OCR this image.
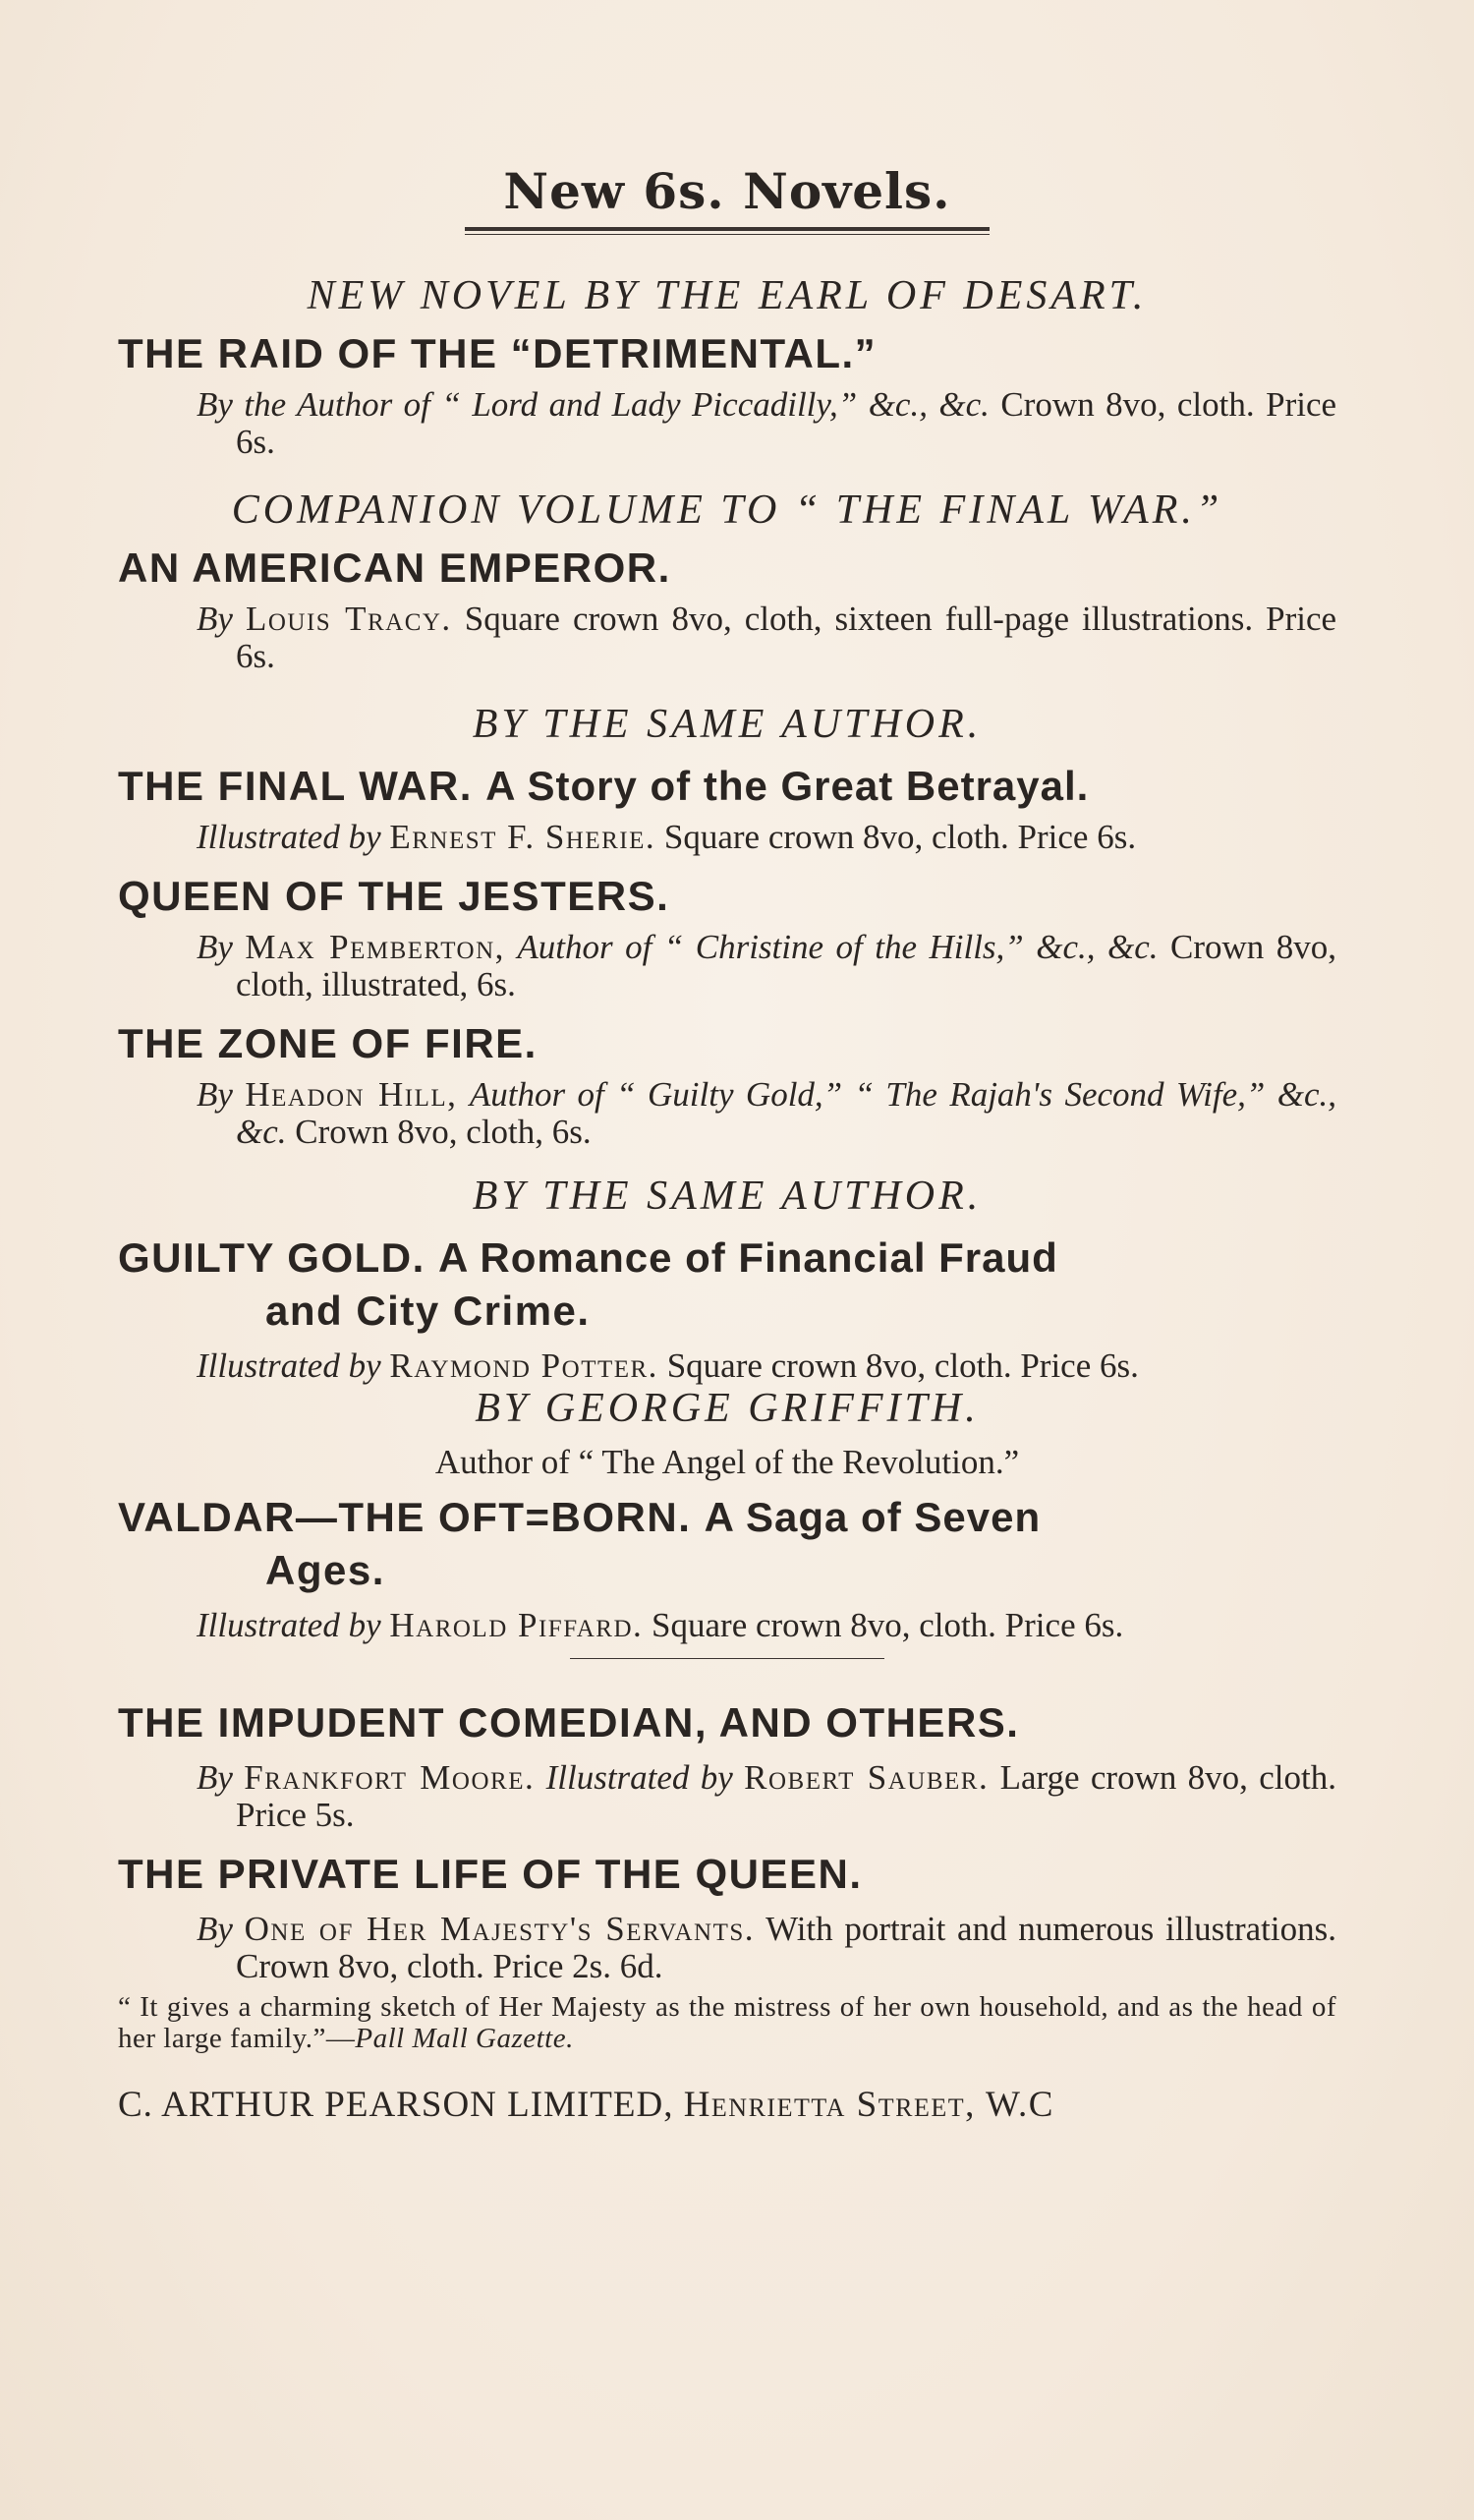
New 6s. Novels.

NEW NOVEL BY THE EARL OF DESART.

THE RAID OF THE “DETRIMENTAL.”

By the Author of “ Lord and Lady Piccadilly,” &c., &c. Crown 8vo, cloth. Price 6s.

COMPANION VOLUME TO “ THE FINAL WAR.”

AN AMERICAN EMPEROR.

By Louis Tracy. Square crown 8vo, cloth, sixteen full-page illustrations. Price 6s.

BY THE SAME AUTHOR.

THE FINAL WAR. A Story of the Great Betrayal.

Illustrated by Ernest F. Sherie. Square crown 8vo, cloth. Price 6s.

QUEEN OF THE JESTERS.

By Max Pemberton, Author of “ Christine of the Hills,” &c., &c. Crown 8vo, cloth, illustrated, 6s.

THE ZONE OF FIRE.

By Headon Hill, Author of “ Guilty Gold,” “ The Rajah's Second Wife,” &c., &c. Crown 8vo, cloth, 6s.

BY THE SAME AUTHOR.

GUILTY GOLD. A Romance of Financial Fraud
and City Crime.

Illustrated by Raymond Potter. Square crown 8vo, cloth. Price 6s.

BY GEORGE GRIFFITH.

Author of “ The Angel of the Revolution.”

VALDAR—THE OFT=BORN. A Saga of Seven
Ages.

Illustrated by Harold Piffard. Square crown 8vo, cloth. Price 6s.

THE IMPUDENT COMEDIAN, AND OTHERS.

By Frankfort Moore. Illustrated by Robert Sauber. Large crown 8vo, cloth. Price 5s.

THE PRIVATE LIFE OF THE QUEEN.

By One of Her Majesty's Servants. With portrait and numerous illustrations. Crown 8vo, cloth. Price 2s. 6d.

“ It gives a charming sketch of Her Majesty as the mistress of her own household, and as the head of her large family.”—Pall Mall Gazette.

C. ARTHUR PEARSON LIMITED, Henrietta Street, W.C
